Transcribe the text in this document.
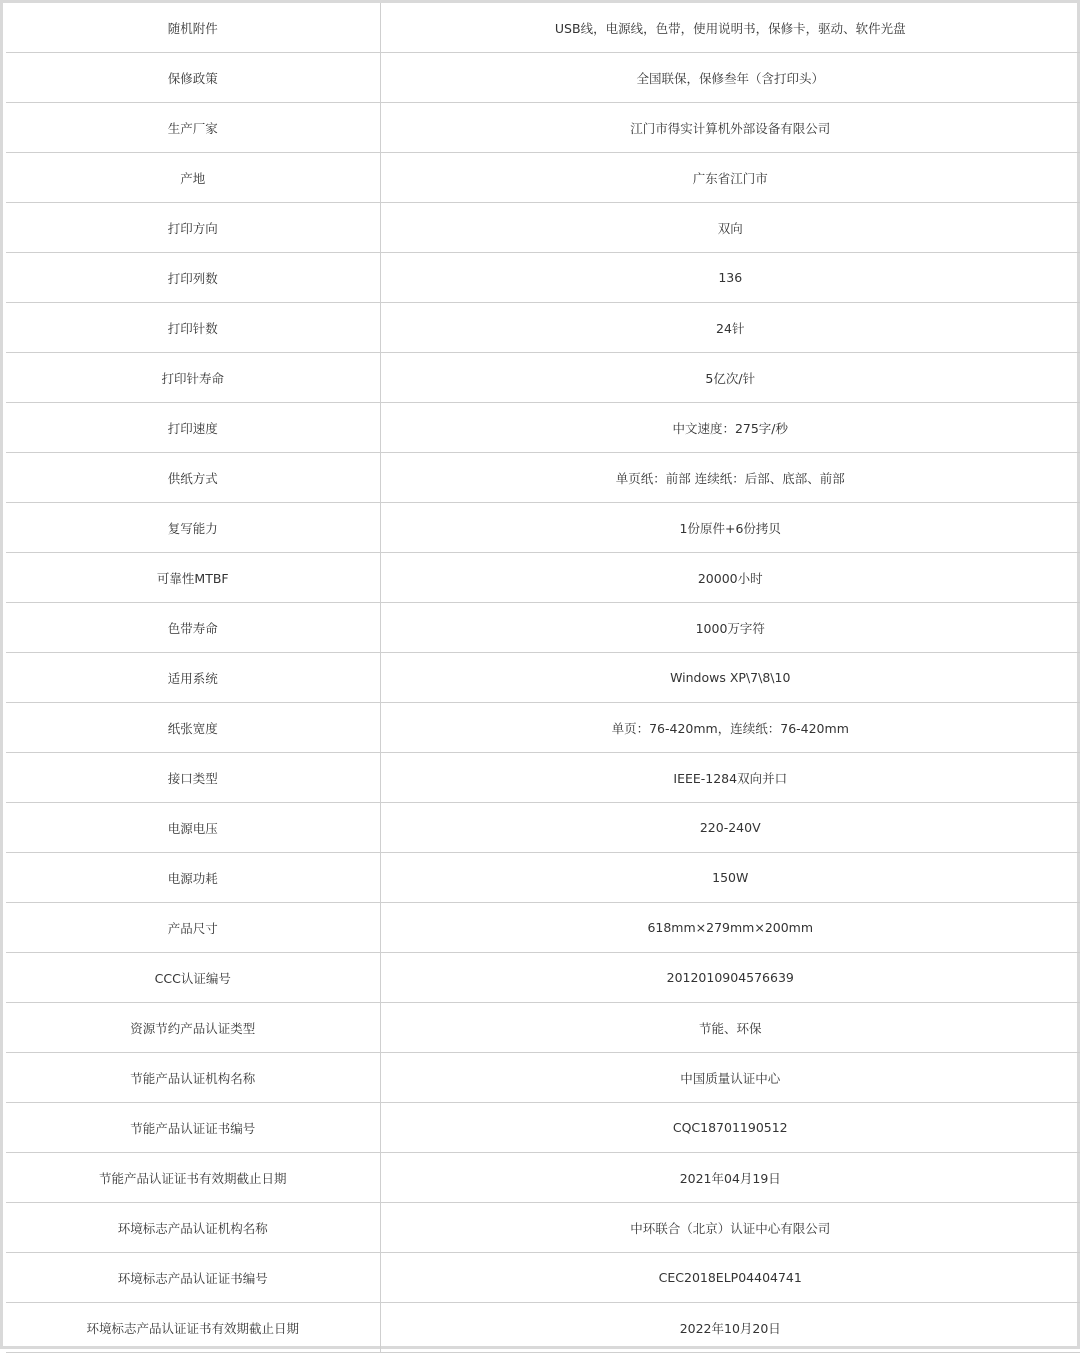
随机附件	USB线，电源线，色带，使用说明书，保修卡，驱动、软件光盘
保修政策	全国联保，保修叁年（含打印头）
生产厂家	江门市得实计算机外部设备有限公司
产地	广东省江门市
打印方向	双向
打印列数	136
打印针数	24针
打印针寿命	5亿次/针
打印速度	中文速度：275字/秒
供纸方式	单页纸：前部 连续纸：后部、底部、前部
复写能力	1份原件+6份拷贝
可靠性MTBF	20000小时
色带寿命	1000万字符
适用系统	Windows XP\7\8\10
纸张宽度	单页：76-420mm，连续纸：76-420mm
接口类型	IEEE-1284双向并口
电源电压	220-240V
电源功耗	150W
产品尺寸	618mm×279mm×200mm
CCC认证编号	2012010904576639
资源节约产品认证类型	节能、环保
节能产品认证机构名称	中国质量认证中心
节能产品认证证书编号	CQC18701190512
节能产品认证证书有效期截止日期	2021年04月19日
环境标志产品认证机构名称	中环联合（北京）认证中心有限公司
环境标志产品认证证书编号	CEC2018ELP04404741
环境标志产品认证证书有效期截止日期	2022年10月20日
